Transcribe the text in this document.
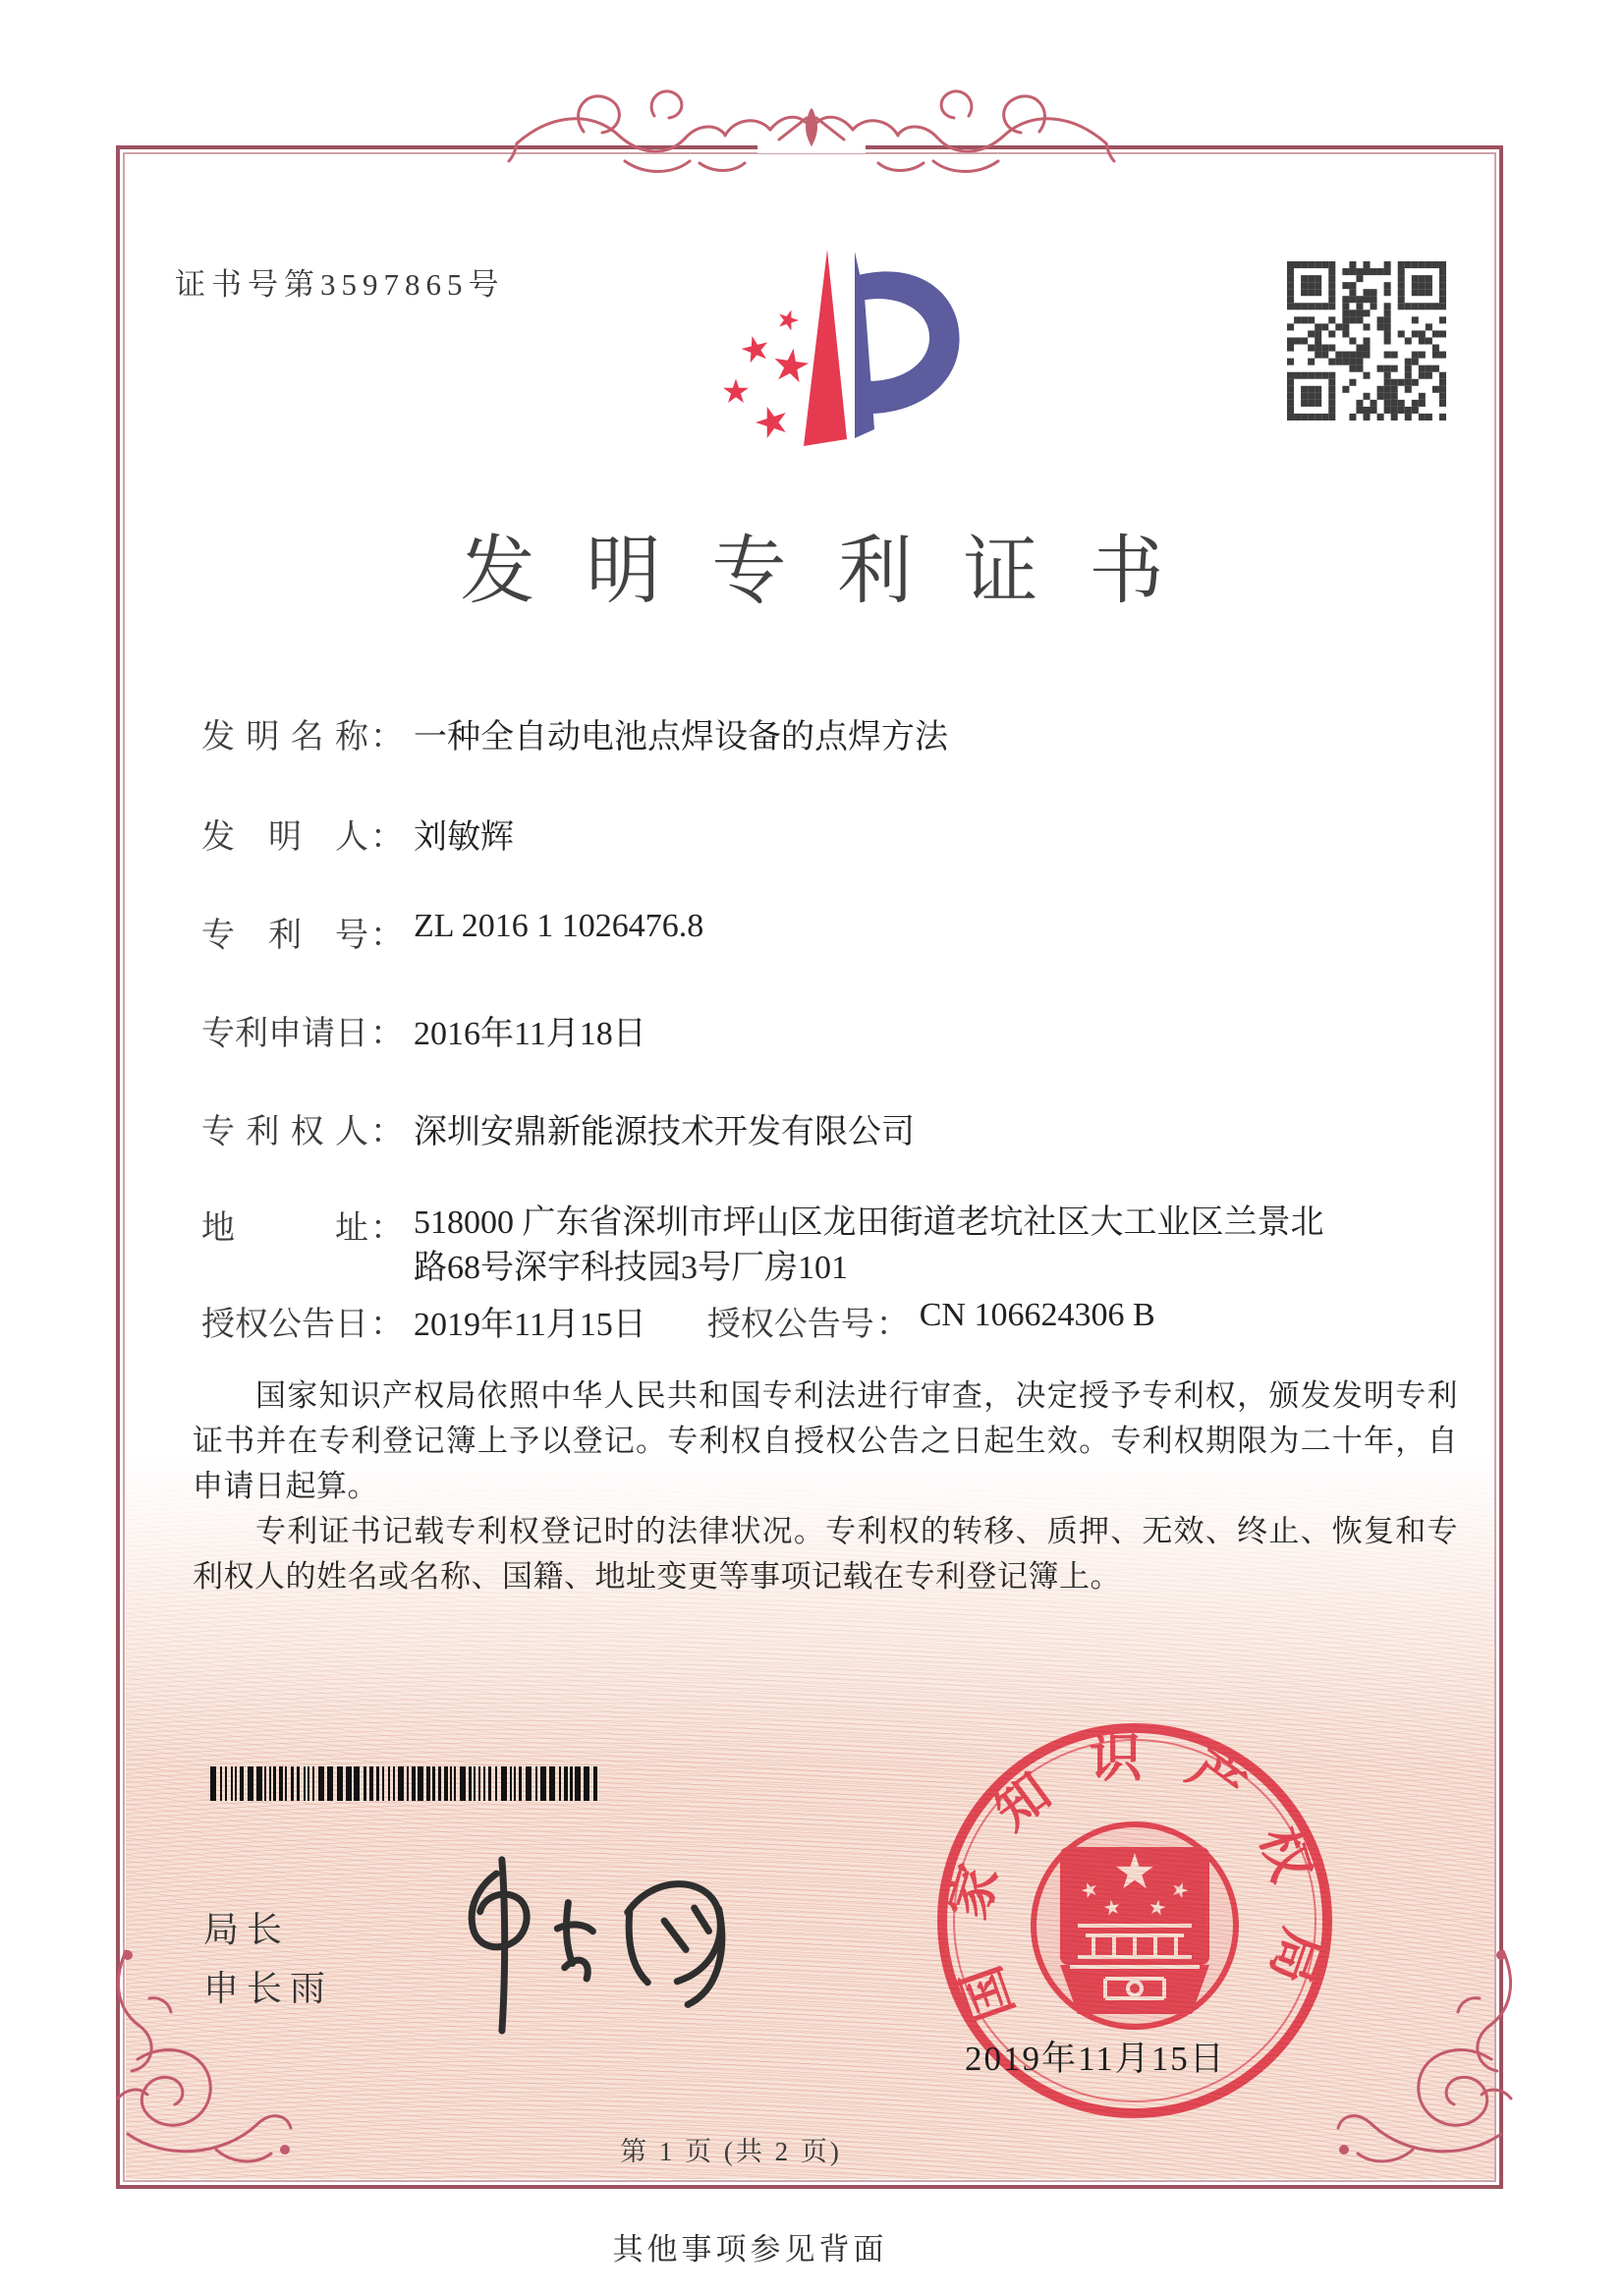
证书号第3597865号
发明专利证书
发明名称 ： 一种全自动电池点焊设备的点焊方法
发明人 ： 刘敏辉
专利号 ： ZL 2016 1 1026476.8
专利申请日 ： 2016年11月18日
专利权人 ： 深圳安鼎新能源技术开发有限公司
地址 ： 518000 广东省深圳市坪山区龙田街道老坑社区大工业区兰景北路68号深宇科技园3号厂房101
授权公告日 ： 2019年11月15日 授权公告号 ： CN 106624306 B

国家知识产权局依照中华人民共和国专利法进行审查，决定授予专利权，颁发发明专利证书并在专利登记簿上予以登记。专利权自授权公告之日起生效。专利权期限为二十年，自申请日起算。

专利证书记载专利权登记时的法律状况。专利权的转移、质押、无效、终止、恢复和专利权人的姓名或名称、国籍、地址变更等事项记载在专利登记簿上。

局长
申长雨
2019年11月15日
国家知识产权局
第 1 页 (共 2 页)
其他事项参见背面
